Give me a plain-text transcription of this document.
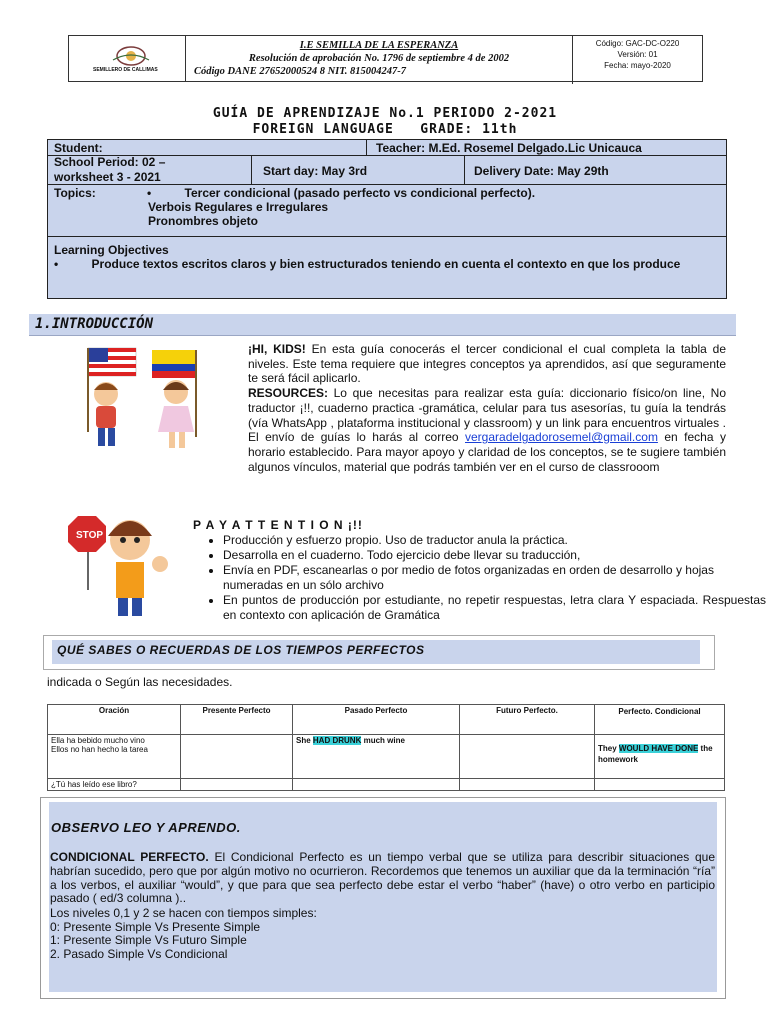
SEMILLERO DE CALLIMAS
I.E SEMILLA DE LA ESPERANZA
Resolución de aprobación No. 1796 de septiembre 4 de 2002
Código DANE 27652000524 8 NIT. 815004247-7
Código: GAC-DC-O220
Versión: 01
Fecha: mayo-2020
GUÍA DE APRENDIZAJE No.1 PERIODO 2-2021
FOREIGN LANGUAGE   GRADE: 11th
Student:	Teacher: M.Ed. Rosemel Delgado.Lic Unicauca
School Period: 02 –
worksheet 3 - 2021	Start day: May 3rd	Delivery Date: May 29th
Topics:	•          Tercer condicional (pasado perfecto vs condicional perfecto).
Verbois Regulares e Irregulares
Pronombres objeto
Learning Objectives
•          Produce textos escritos claros y bien estructurados teniendo en cuenta el contexto en que los produce
1.INTRODUCCIÓN
¡HI, KIDS! En esta guía conocerás el tercer condicional el cual completa la tabla de niveles. Este tema requiere que integres conceptos ya aprendidos, así que seguramente te será fácil aplicarlo.
RESOURCES: Lo que necesitas para realizar esta guía: diccionario físico/on line, No traductor ¡!!, cuaderno practica -gramática, celular para tus asesorías, tu guía la tendrás (vía WhatsApp , plataforma institucional y classroom) y un link para encuentros virtuales . El envío de guías lo harás al correo vergaradelgadorosemel@gmail.com en fecha y horario establecido. Para mayor apoyo y claridad de los conceptos, se te sugiere también algunos vínculos, material que podrás también ver en el curso de classrooom
STOP
P A Y A T T E N T I O N ¡!!
• Producción y esfuerzo propio. Uso de traductor anula la práctica.
• Desarrolla en el cuaderno. Todo ejercicio debe llevar su traducción,
• Envía en PDF, escanearlas o por medio de fotos organizadas en orden de desarrollo y hojas numeradas en un sólo archivo
• En puntos de producción por estudiante, no repetir respuestas, letra clara Y espaciada. Respuestas en contexto con aplicación de Gramática
QUÉ SABES O RECUERDAS DE LOS TIEMPOS PERFECTOS
indicada o Según las necesidades.
Oración	Presente Perfecto	Pasado Perfecto	Futuro Perfecto.	Perfecto. Condicional

Ella ha bebido mucho vino
Ellos no han hecho la tarea		She HAD DRUNK much wine		They WOULD HAVE DONE the homework
¿Tú has leído ese libro?				
OBSERVO LEO Y APRENDO.
CONDICIONAL PERFECTO. El Condicional Perfecto es un tiempo verbal que se utiliza para describir situaciones que habrían sucedido, pero que por algún motivo no ocurrieron. Recordemos que tenemos un auxiliar que da la terminación “ría” a los verbos, el auxiliar “would”, y que para que sea perfecto debe estar el verbo “haber” (have) o otro verbo en participio pasado ( ed/3 columna )..
Los niveles 0,1 y 2 se hacen con tiempos simples:
0: Presente Simple Vs Presente Simple
1: Presente Simple Vs Futuro Simple
2. Pasado Simple Vs Condicional
